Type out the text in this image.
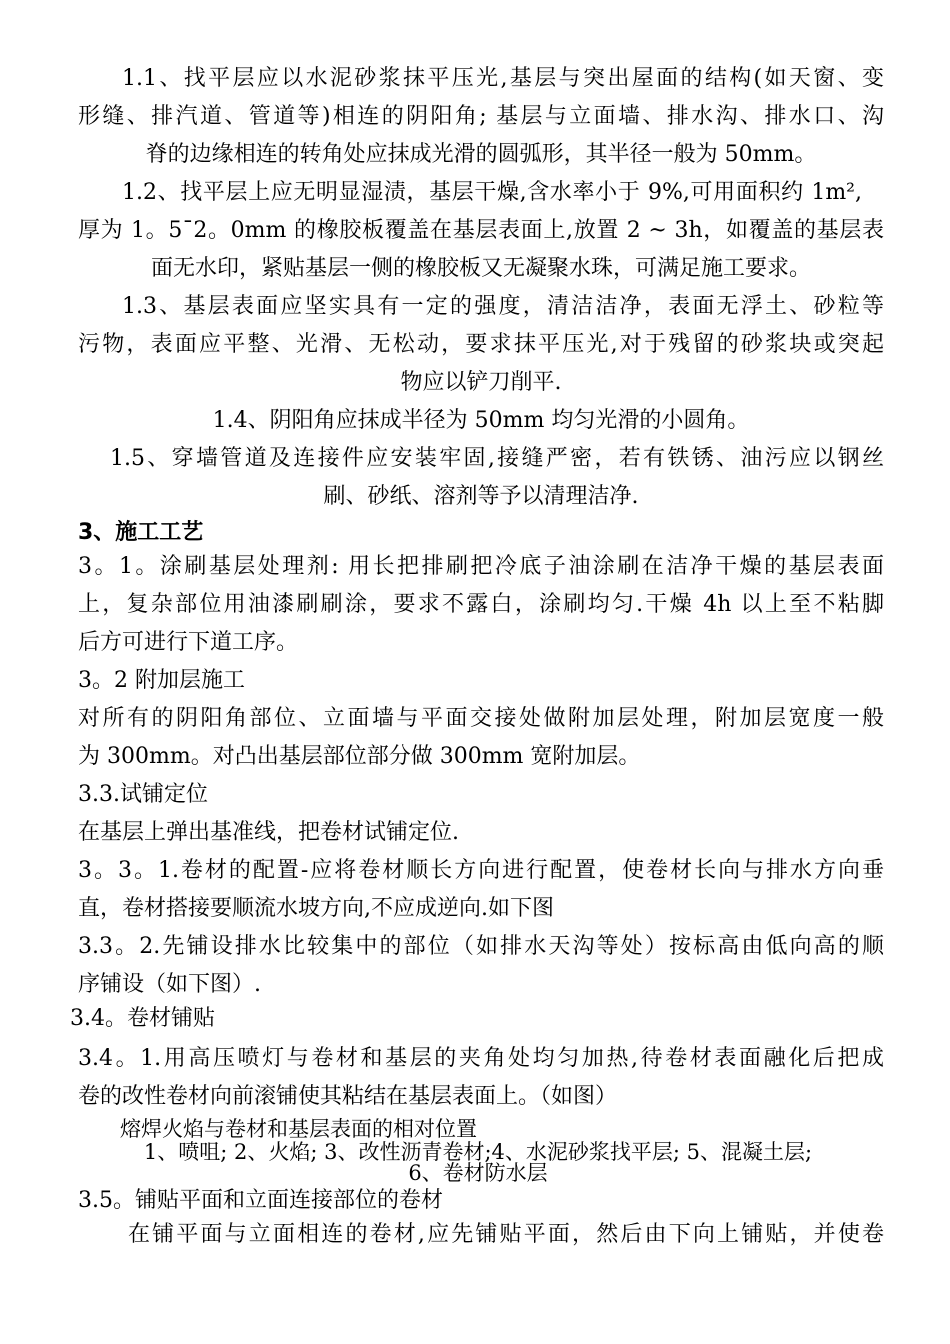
1.1、找平层应以水泥砂浆抹平压光,基层与突出屋面的结构(如天窗、变
形缝、排汽道、管道等)相连的阴阳角; 基层与立面墙、排水沟、排水口、沟
脊的边缘相连的转角处应抹成光滑的圆弧形，其半径一般为 50mm。
1.2、找平层上应无明显湿渍，基层干燥,含水率小于 9%,可用面积约 1m²,
厚为 1。5¯2。0mm 的橡胶板覆盖在基层表面上,放置 2 ~ 3h，如覆盖的基层表
面无水印，紧贴基层一侧的橡胶板又无凝聚水珠，可满足施工要求。
1.3、基层表面应坚实具有一定的强度，清洁洁净，表面无浮土、砂粒等
污物，表面应平整、光滑、无松动，要求抹平压光,对于残留的砂浆块或突起
物应以铲刀削平.
1.4、阴阳角应抹成半径为 50mm 均匀光滑的小圆角。
1.5、穿墙管道及连接件应安装牢固,接缝严密，若有铁锈、油污应以钢丝
刷、砂纸、溶剂等予以清理洁净.
3、施工工艺
3。1。涂刷基层处理剂: 用长把排刷把冷底子油涂刷在洁净干燥的基层表面
上，复杂部位用油漆刷刷涂，要求不露白，涂刷均匀.干燥 4h 以上至不粘脚
后方可进行下道工序。
3。2 附加层施工
对所有的阴阳角部位、立面墙与平面交接处做附加层处理，附加层宽度一般
为 300mm。对凸出基层部位部分做 300mm 宽附加层。
3.3.试铺定位
在基层上弹出基准线，把卷材试铺定位.
3。3。1.卷材的配置-应将卷材顺长方向进行配置，使卷材长向与排水方向垂
直，卷材搭接要顺流水坡方向,不应成逆向.如下图
3.3。2.先铺设排水比较集中的部位（如排水天沟等处）按标高由低向高的顺
序铺设（如下图）.
3.4。卷材铺贴
3.4。1.用高压喷灯与卷材和基层的夹角处均匀加热,待卷材表面融化后把成
卷的改性卷材向前滚铺使其粘结在基层表面上。（如图）
熔焊火焰与卷材和基层表面的相对位置
1、喷咀; 2、火焰; 3、改性沥青卷材;4、水泥砂浆找平层; 5、混凝土层;
6、卷材防水层
3.5。铺贴平面和立面连接部位的卷材
在铺平面与立面相连的卷材,应先铺贴平面，然后由下向上铺贴，并使卷
